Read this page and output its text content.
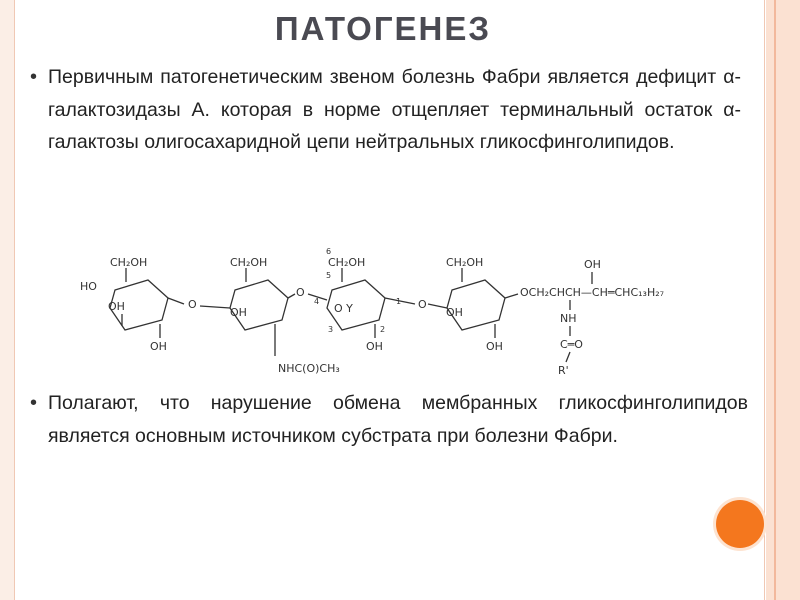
ПАТОГЕНЕЗ
• Первичным патогенетическим звеном болезнь Фабри является дефицит α-галактозидазы А. которая в норме отщепляет терминальный остаток α-галактозы олигосахаридной цепи нейтральных гликосфинголипидов.
CH₂OH
HO
OH
OH
O
CH₂OH
OH
NHC(O)CH₃
O
CH₂OH
6
5
4
3	2
1
O Y
OH
O
CH₂OH
OH
OH
OCH₂CHCH—CH═CHC₁₃H₂₇
OH
NH
C═O
R'
• Полагают, что нарушение обмена мембранных гликосфинголипидов является основным источником субстрата при болезни Фабри.
